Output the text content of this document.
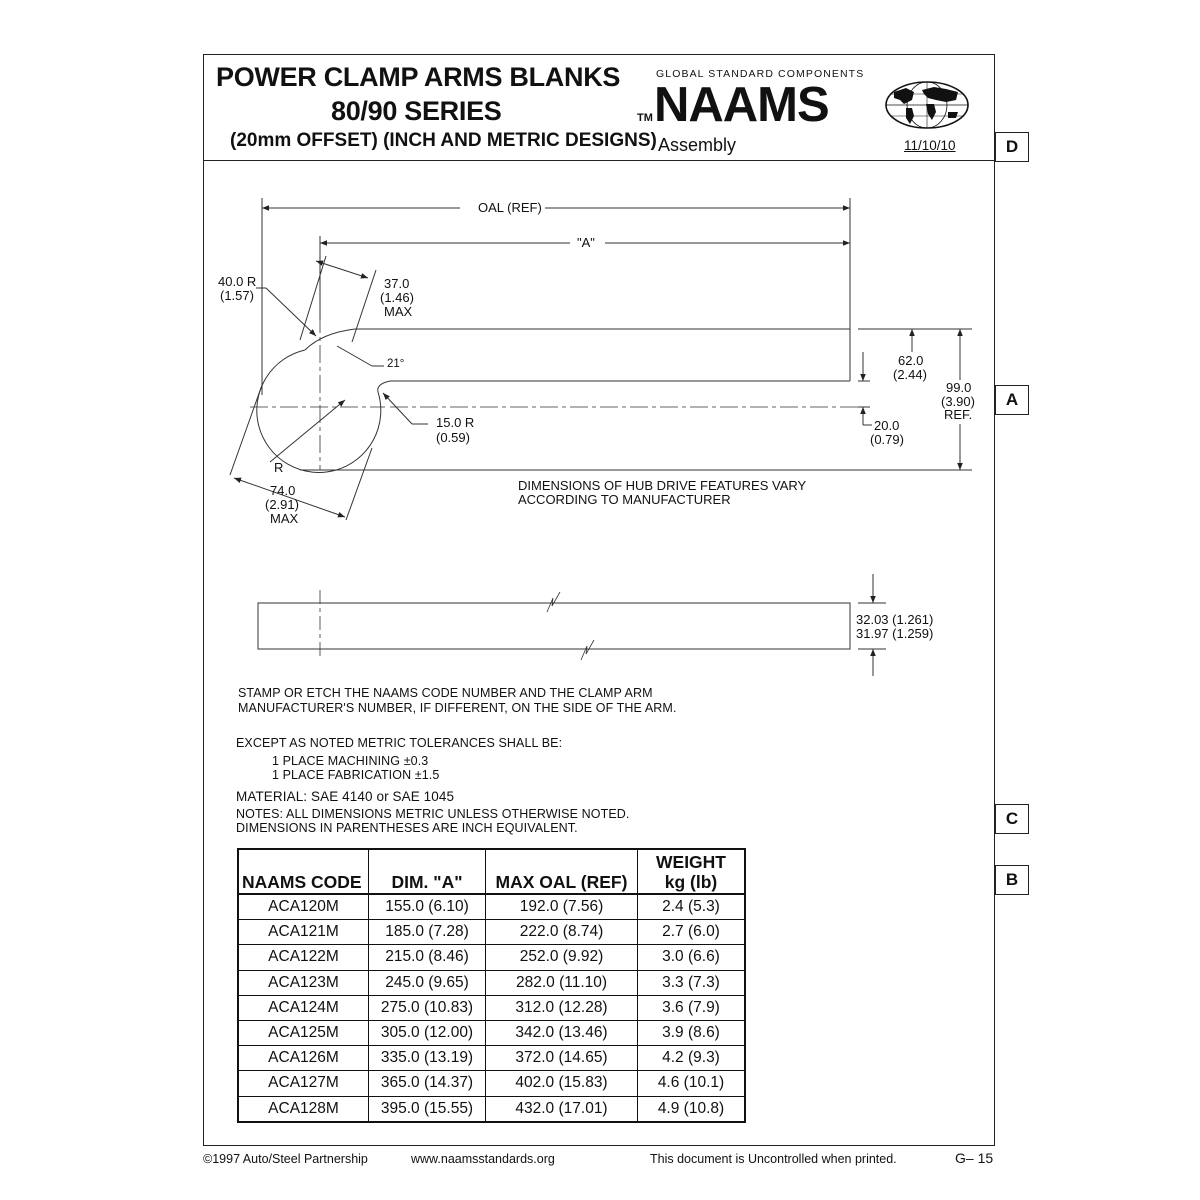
POWER CLAMP ARMS BLANKS
80/90 SERIES
(20mm OFFSET) (INCH AND METRIC DESIGNS)
TM
GLOBAL STANDARD COMPONENTS
NAAMS
Assembly	11/10/10	D
A
C
B
OAL (REF)
"A"
40.0 R
(1.57)
37.0
(1.46)
MAX
21°
15.0 R
(0.59)
R
74.0
(2.91)
MAX
62.0
(2.44)
99.0
(3.90)
REF.
20.0
(0.79)
DIMENSIONS OF HUB DRIVE FEATURES VARY
ACCORDING TO MANUFACTURER
32.03 (1.261)
31.97 (1.259)
STAMP OR ETCH THE NAAMS CODE NUMBER AND THE CLAMP ARM
MANUFACTURER'S NUMBER, IF DIFFERENT, ON THE SIDE OF THE ARM.
EXCEPT AS NOTED METRIC TOLERANCES SHALL BE:
1 PLACE MACHINING ±0.3
1 PLACE FABRICATION ±1.5
MATERIAL: SAE 4140 or SAE 1045
NOTES: ALL DIMENSIONS METRIC UNLESS OTHERWISE NOTED.
DIMENSIONS IN PARENTHESES ARE INCH EQUIVALENT.
NAAMS CODE	DIM. "A"	MAX OAL (REF)	WEIGHT
kg (lb)
ACA120M	155.0 (6.10)	192.0 (7.56)	2.4 (5.3)
ACA121M	185.0 (7.28)	222.0 (8.74)	2.7 (6.0)
ACA122M	215.0 (8.46)	252.0 (9.92)	3.0 (6.6)
ACA123M	245.0 (9.65)	282.0 (11.10)	3.3 (7.3)
ACA124M	275.0 (10.83)	312.0 (12.28)	3.6 (7.9)
ACA125M	305.0 (12.00)	342.0 (13.46)	3.9 (8.6)
ACA126M	335.0 (13.19)	372.0 (14.65)	4.2 (9.3)
ACA127M	365.0 (14.37)	402.0 (15.83)	4.6 (10.1)
ACA128M	395.0 (15.55)	432.0 (17.01)	4.9 (10.8)
©1997 Auto/Steel Partnership	www.naamsstandards.org	This document is Uncontrolled when printed.	G– 15
